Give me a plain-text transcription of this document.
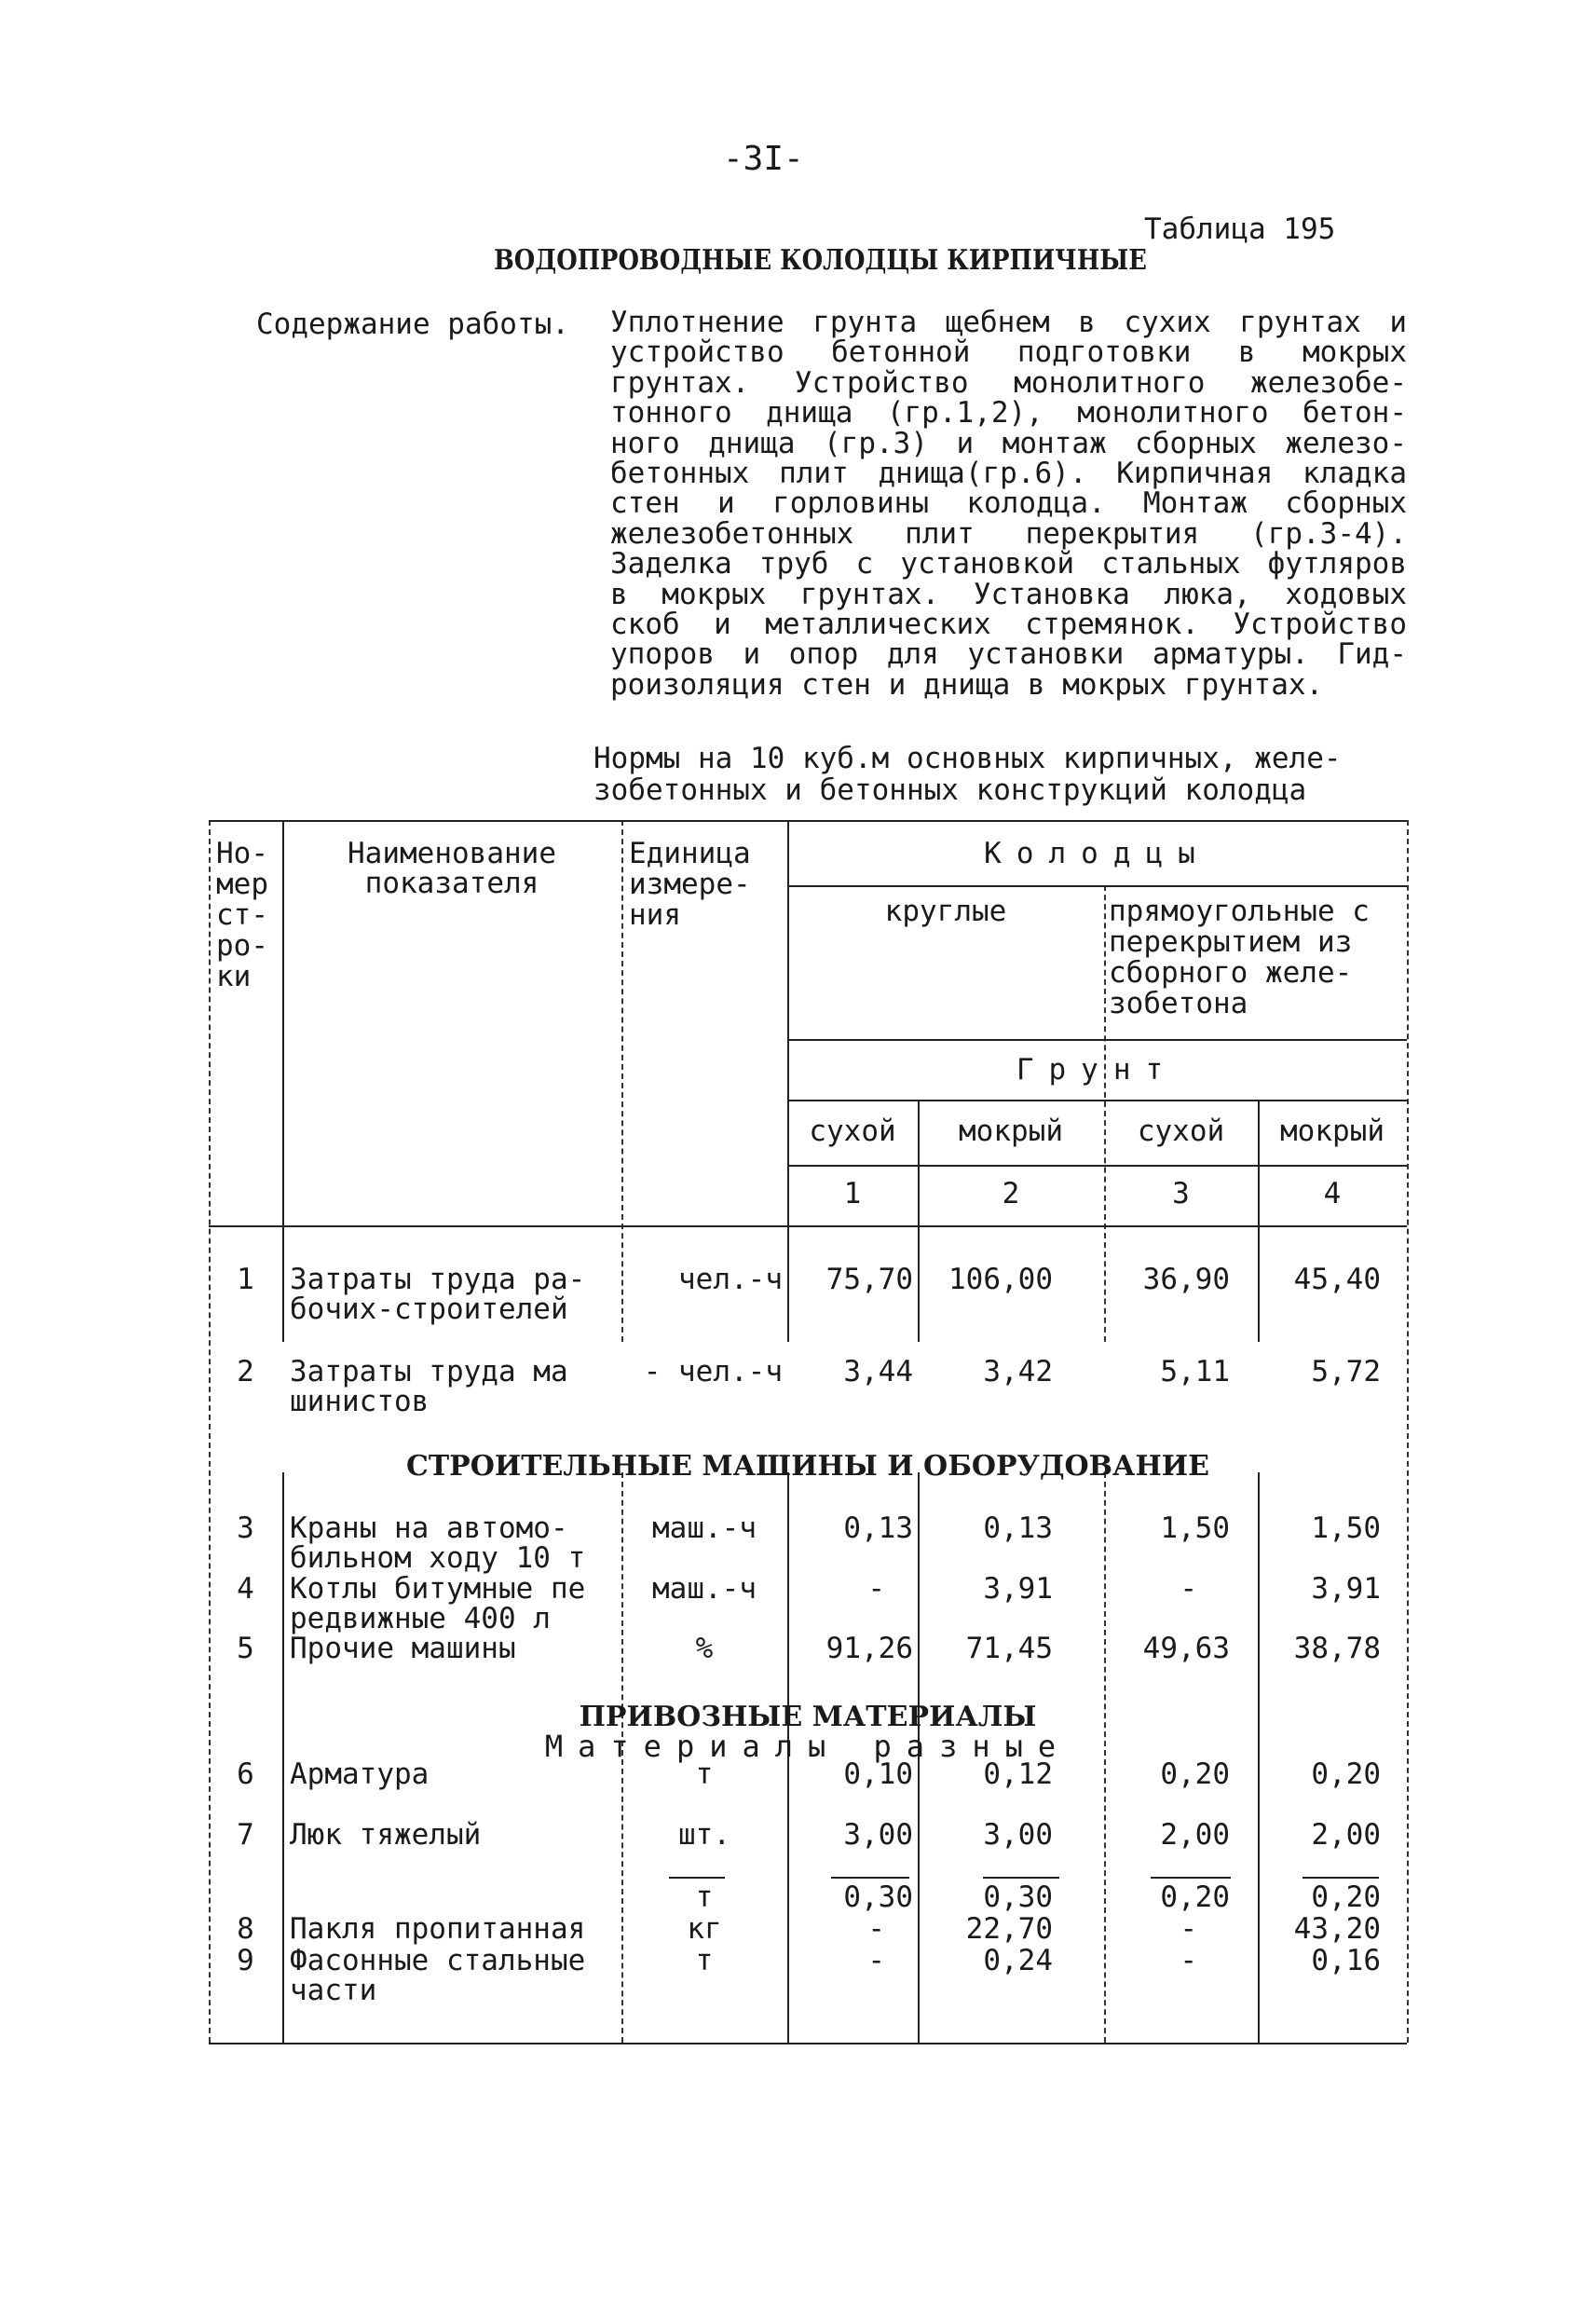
-3I-
Таблица 195
ВОДОПРОВОДНЫЕ КОЛОДЦЫ КИРПИЧНЫЕ
Содержание работы. Уплотнение грунта щебнем в сухих грунтах и
устройство бетонной подготовки в мокрых
грунтах. Устройство монолитного железобе-
тонного днища (гр.1,2), монолитного бетон-
ного днища (гр.3) и монтаж сборных железо-
бетонных плит днища(гр.6). Кирпичная кладка
стен и горловины колодца. Монтаж сборных
железобетонных плит перекрытия (гр.3-4).
Заделка труб с установкой стальных футляров
в мокрых грунтах. Установка люка, ходовых
скоб и металлических стремянок. Устройство
упоров и опор для установки арматуры. Гид-
роизоляция стен и днища в мокрых грунтах.
Нормы на 10 куб.м основных кирпичных, желе-
зобетонных и бетонных конструкций колодца
Но-
мер
ст-
ро-
ки
Наименование
показателя
Единица
измере-
ния
Колодцы
круглые	прямоугольные с
перекрытием из
сборного желе-
зобетона
Грунт
сухой	мокрый	сухой	мокрый
1	2	3	4
СТРОИТЕЛЬНЫЕ МАШИНЫ И ОБОРУДОВАНИЕ
ПРИВОЗНЫЕ МАТЕРИАЛЫ
Материалы разные
1	Затраты труда ра-
бочих-строителей
чел.-ч	75,70	106,00	36,90	45,40
2	Затраты труда ма
шинистов
- чел.-ч	3,44	3,42	5,11	5,72
3	Краны на автомо-
бильном ходу 10 т
маш.-ч	0,13	0,13	1,50	1,50
4	Котлы битумные пе
редвижные 400 л
маш.-ч	-	3,91	-	3,91
5	Прочие машины	%	91,26	71,45	49,63	38,78
6	Арматура	т	0,10	0,12	0,20	0,20
7	Люк тяжелый	шт.	3,00	3,00	2,00	2,00
т	0,30	0,30	0,20	0,20
8	Пакля пропитанная	кг	-	22,70	-	43,20
9	Фасонные стальные
части
т	-	0,24	-	0,16
